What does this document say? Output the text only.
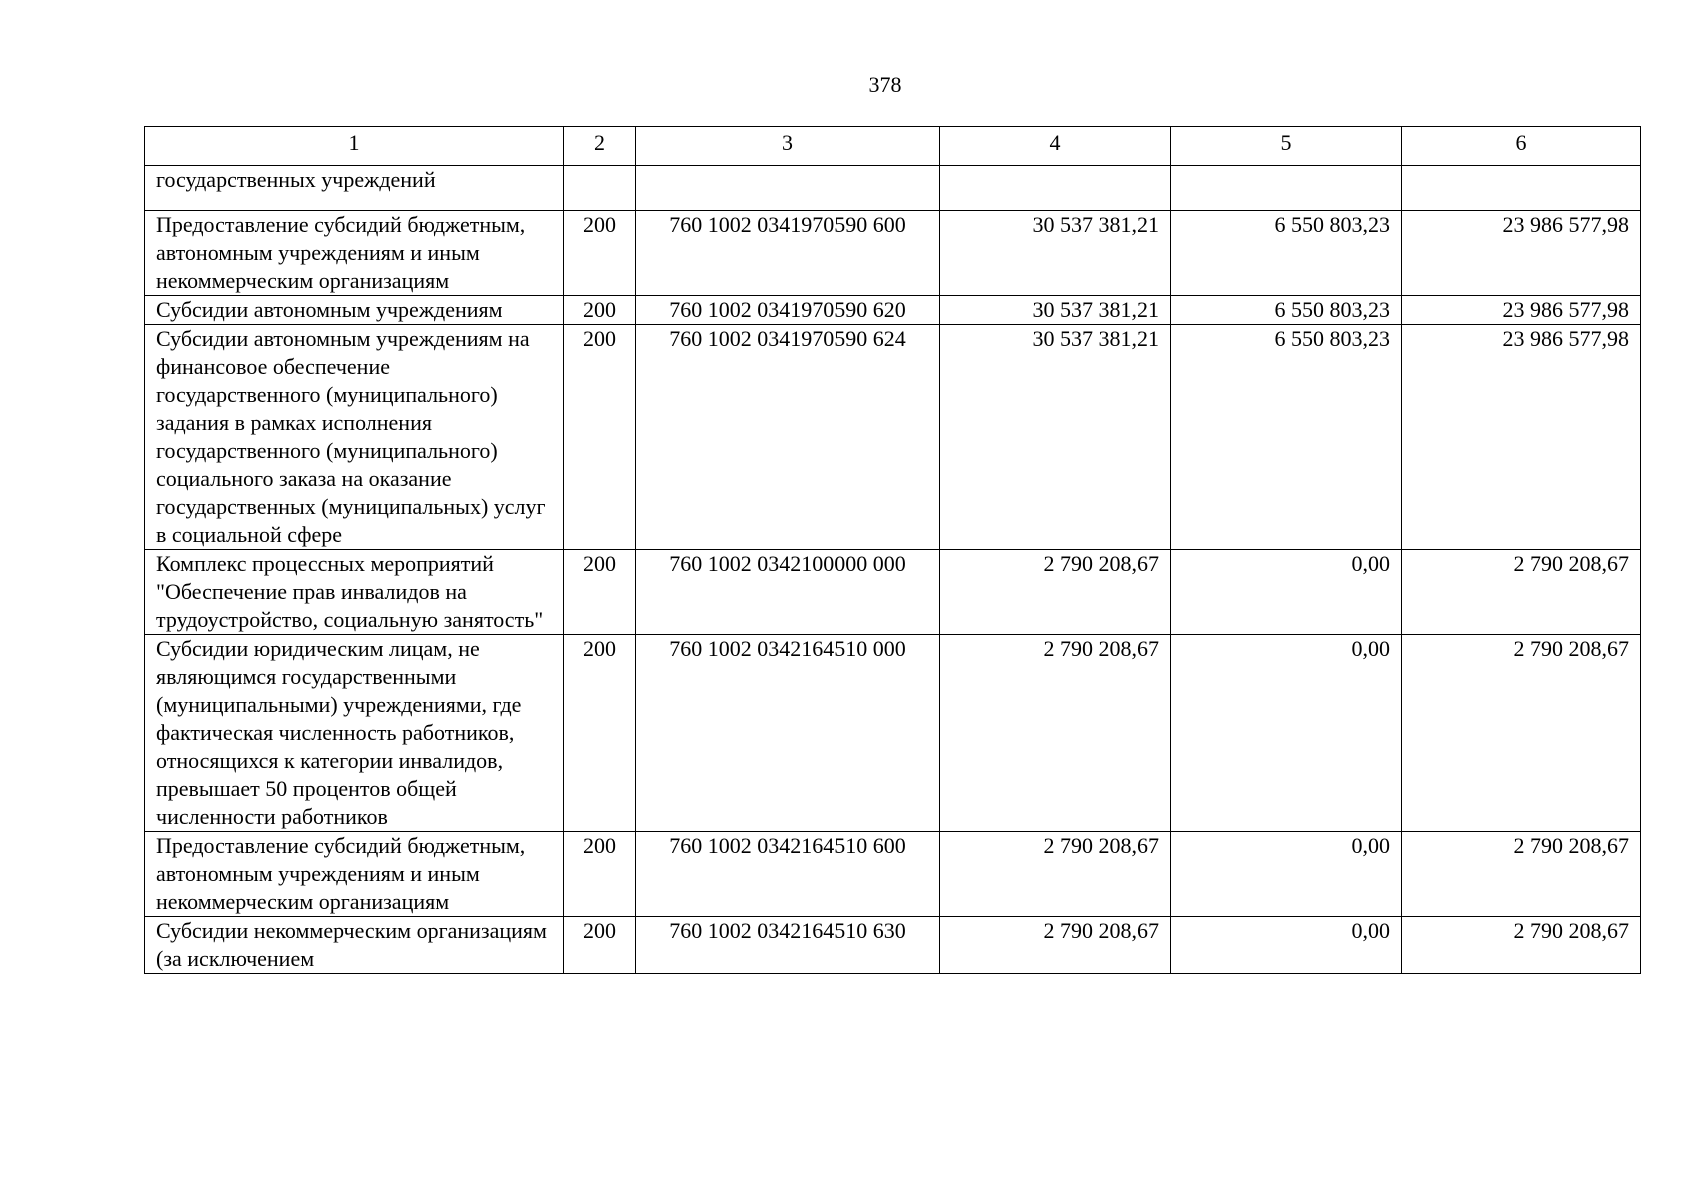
378
1	2	3	4	5	6
государственных учреждений					
Предоставление субсидий бюджетным, автономным учреждениям и иным некоммерческим организациям	200	760 1002 0341970590 600	30 537 381,21	6 550 803,23	23 986 577,98
Субсидии автономным учреждениям	200	760 1002 0341970590 620	30 537 381,21	6 550 803,23	23 986 577,98
Субсидии автономным учреждениям на финансовое обеспечение государственного (муниципального) задания в рамках исполнения государственного (муниципального) социального заказа на оказание государственных (муниципальных) услуг в социальной сфере	200	760 1002 0341970590 624	30 537 381,21	6 550 803,23	23 986 577,98
Комплекс процессных мероприятий "Обеспечение прав инвалидов на трудоустройство, социальную занятость"	200	760 1002 0342100000 000	2 790 208,67	0,00	2 790 208,67
Субсидии юридическим лицам, не являющимся государственными (муниципальными) учреждениями, где фактическая численность работников, относящихся к категории инвалидов, превышает 50 процентов общей численности работников	200	760 1002 0342164510 000	2 790 208,67	0,00	2 790 208,67
Предоставление субсидий бюджетным, автономным учреждениям и иным некоммерческим организациям	200	760 1002 0342164510 600	2 790 208,67	0,00	2 790 208,67
Субсидии некоммерческим организациям (за исключением	200	760 1002 0342164510 630	2 790 208,67	0,00	2 790 208,67
